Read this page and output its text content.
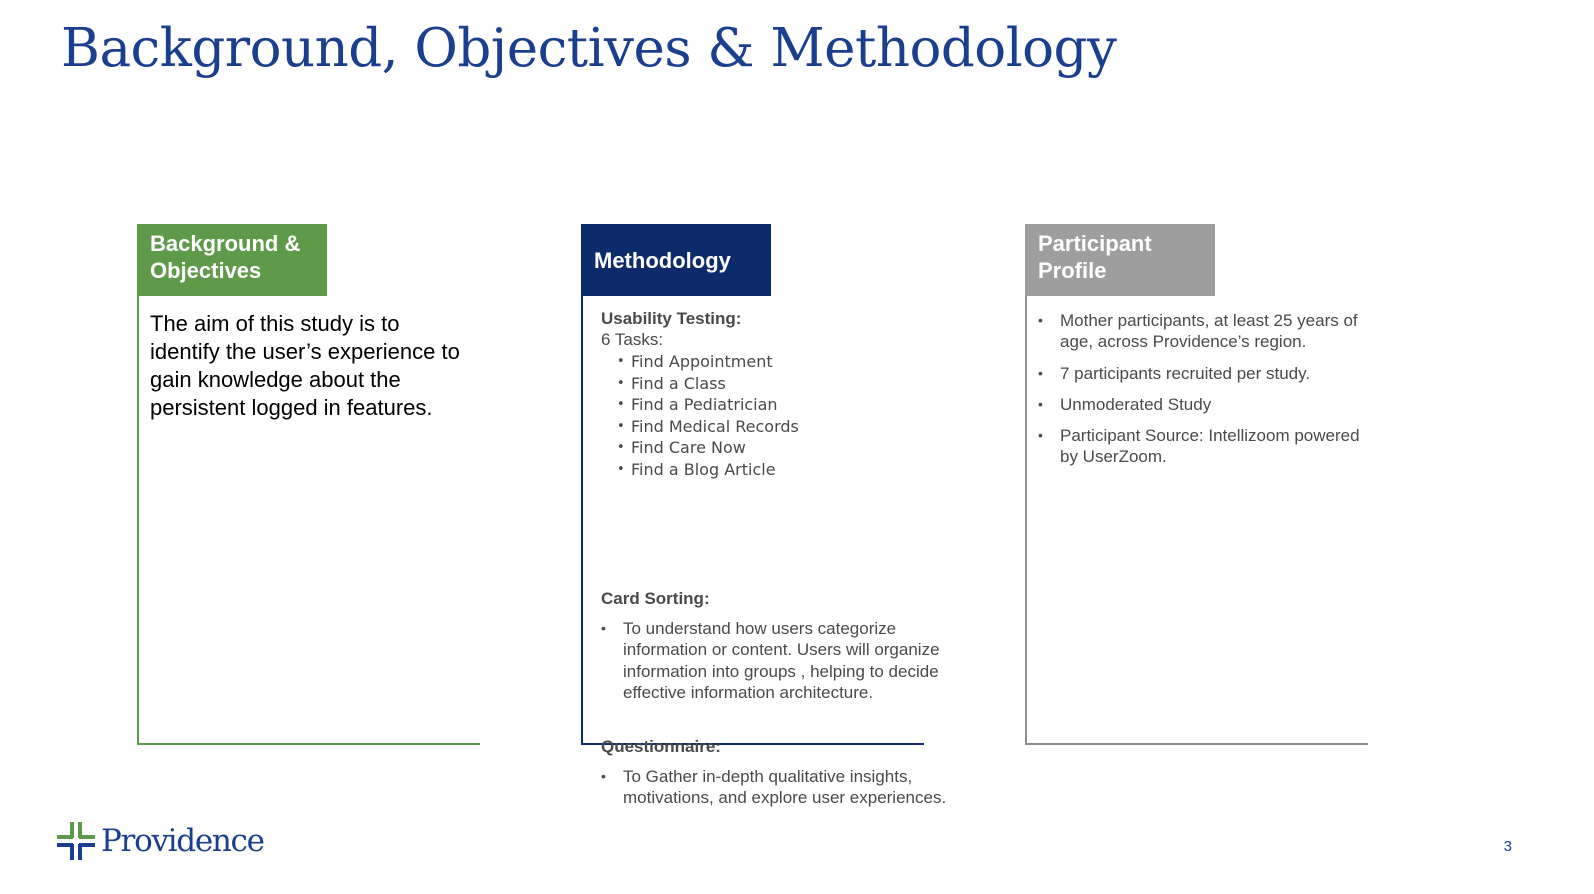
Background, Objectives & Methodology
Background & Objectives

The aim of this study is to identify the user’s experience to gain knowledge about the persistent logged in features.

Methodology

Usability Testing:

6 Tasks:

• Find Appointment
• Find a Class
• Find a Pediatrician
• Find Medical Records
• Find Care Now
• Find a Blog Article

Card Sorting:

• To understand how users categorize information or content. Users will organize information into groups , helping to decide effective information architecture.

Questionnaire:

• To Gather in-depth qualitative insights, motivations, and explore user experiences.
Participant Profile
• Mother participants, at least 25 years of age, across Providence’s region.
• 7 participants recruited per study.
• Unmoderated Study
• Participant Source: Intellizoom powered by UserZoom.
Providence	3
